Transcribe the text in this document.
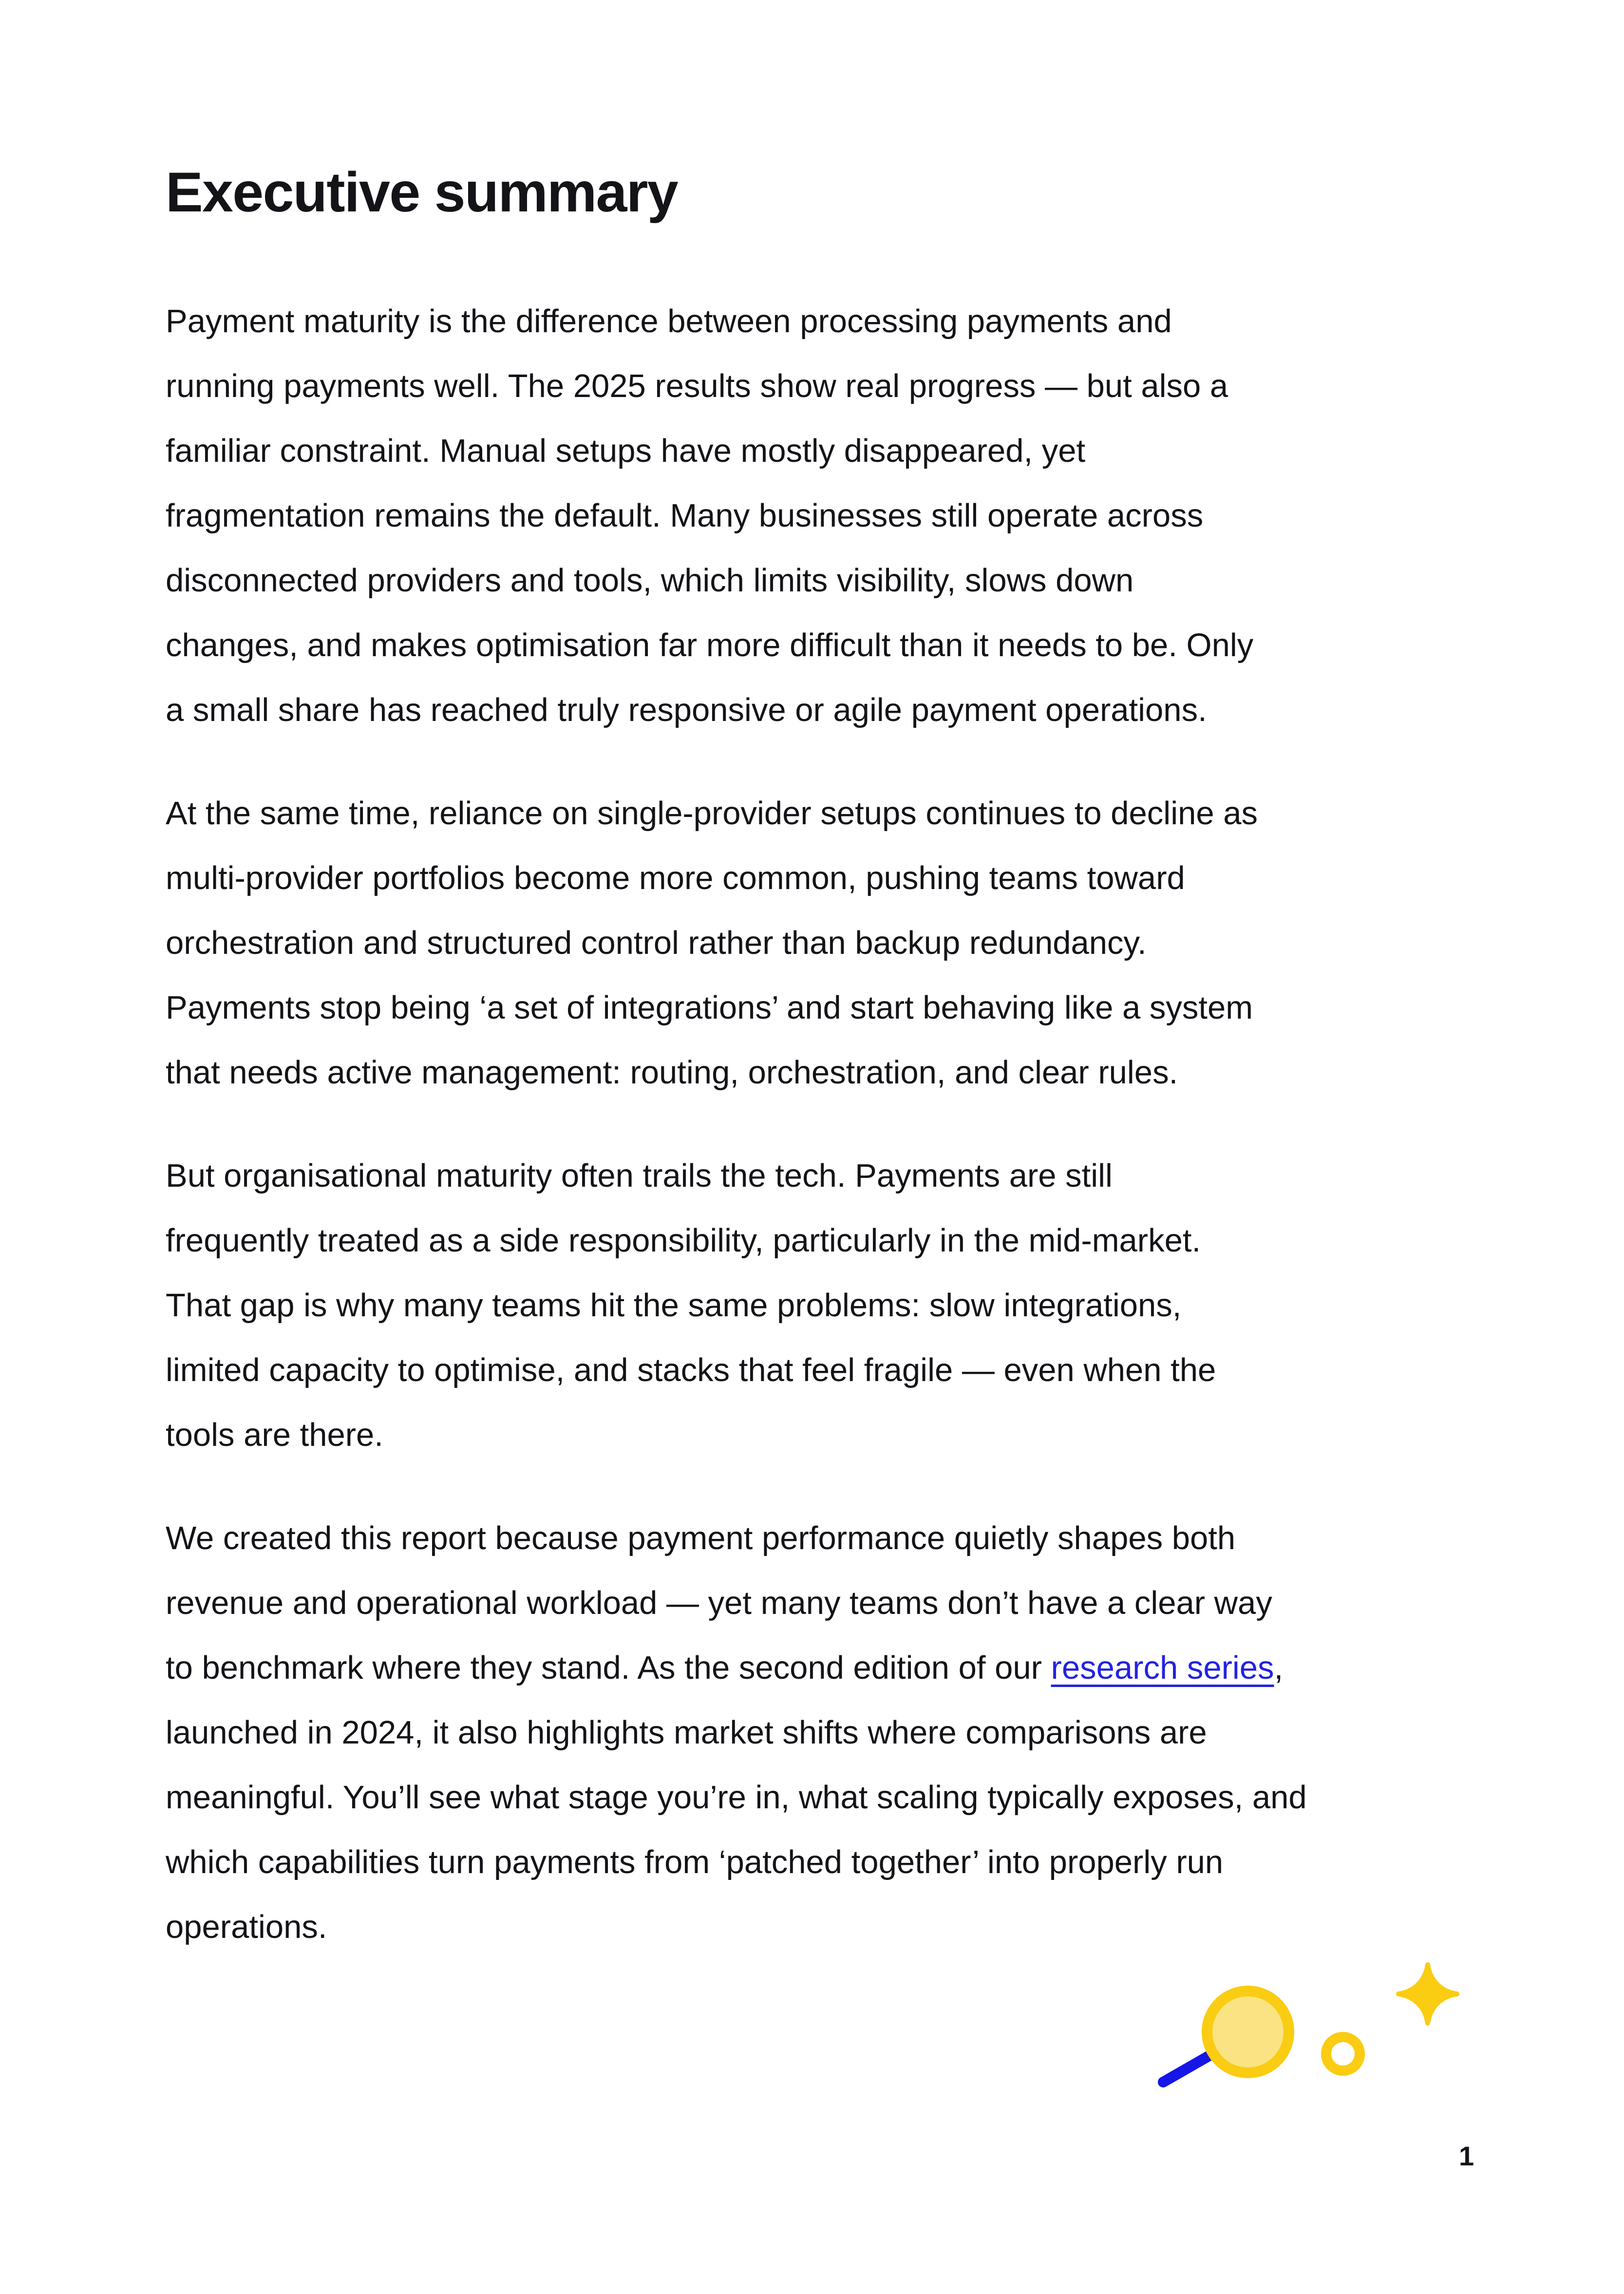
Executive summary
Payment maturity is the difference between processing payments and
running payments well. The 2025 results show real progress — but also a
familiar constraint. Manual setups have mostly disappeared, yet
fragmentation remains the default. Many businesses still operate across
disconnected providers and tools, which limits visibility, slows down
changes, and makes optimisation far more difficult than it needs to be. Only
a small share has reached truly responsive or agile payment operations.
At the same time, reliance on single-provider setups continues to decline as
multi-provider portfolios become more common, pushing teams toward
orchestration and structured control rather than backup redundancy.
Payments stop being ‘a set of integrations’ and start behaving like a system
that needs active management: routing, orchestration, and clear rules.
But organisational maturity often trails the tech. Payments are still
frequently treated as a side responsibility, particularly in the mid-market.
That gap is why many teams hit the same problems: slow integrations,
limited capacity to optimise, and stacks that feel fragile — even when the
tools are there.
We created this report because payment performance quietly shapes both
revenue and operational workload — yet many teams don’t have a clear way
to benchmark where they stand. As the second edition of our research series,
launched in 2024, it also highlights market shifts where comparisons are
meaningful. You’ll see what stage you’re in, what scaling typically exposes, and
which capabilities turn payments from ‘patched together’ into properly run
operations.
1
